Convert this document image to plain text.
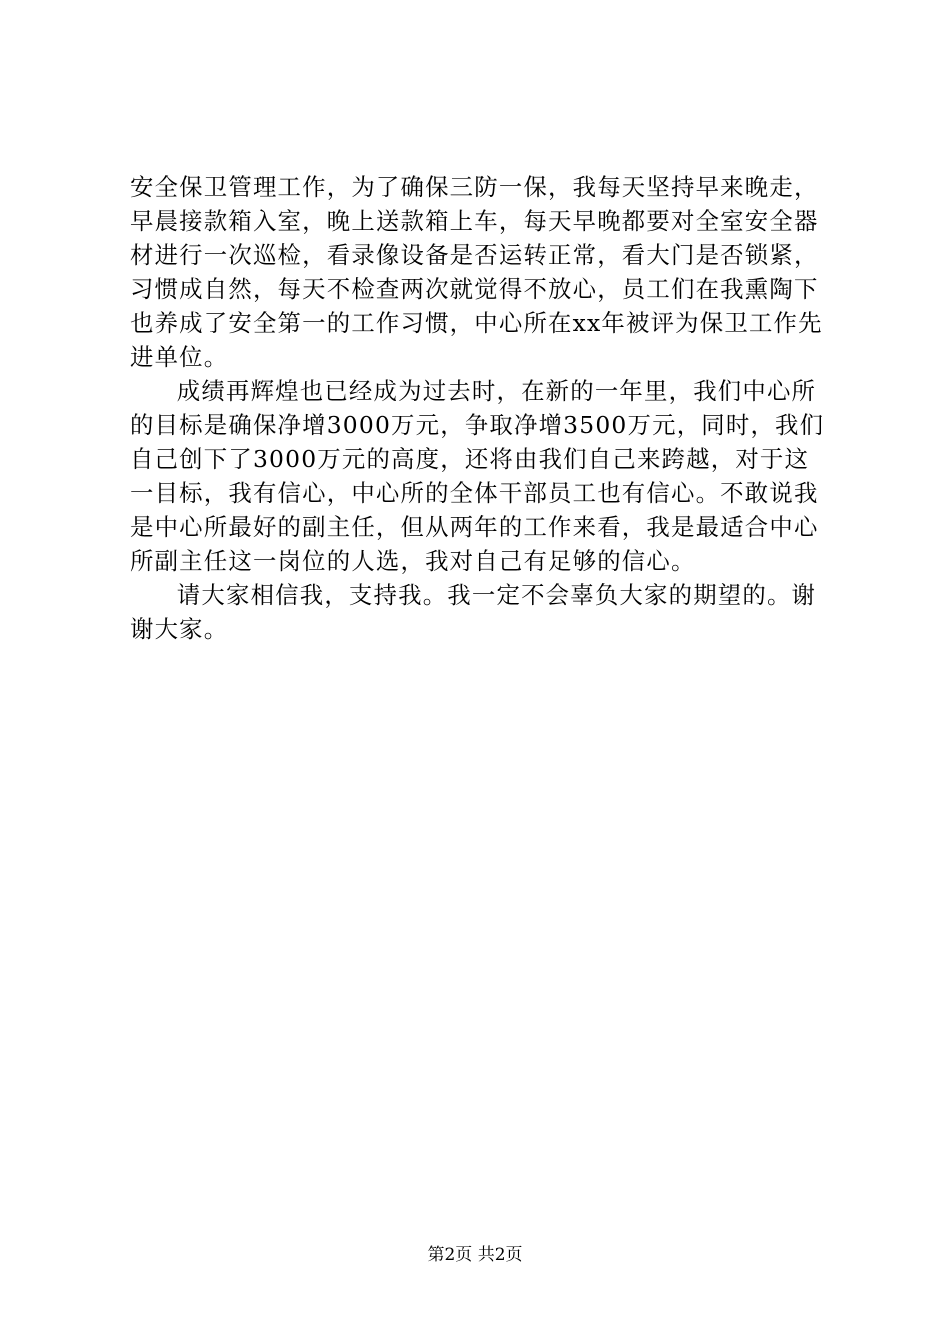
安全保卫管理工作，为了确保三防一保，我每天坚持早来晚走，早晨接款箱入室，晚上送款箱上车，每天早晚都要对全室安全器材进行一次巡检，看录像设备是否运转正常，看大门是否锁紧，习惯成自然，每天不检查两次就觉得不放心，员工们在我熏陶下也养成了安全第一的工作习惯，中心所在xx年被评为保卫工作先进单位。

成绩再辉煌也已经成为过去时，在新的一年里，我们中心所的目标是确保净增3000万元，争取净增3500万元，同时，我们自己创下了3000万元的高度，还将由我们自己来跨越，对于这一目标，我有信心，中心所的全体干部员工也有信心。不敢说我是中心所最好的副主任，但从两年的工作来看，我是最适合中心所副主任这一岗位的人选，我对自己有足够的信心。

请大家相信我，支持我。我一定不会辜负大家的期望的。谢谢大家。

第2页 共2页
